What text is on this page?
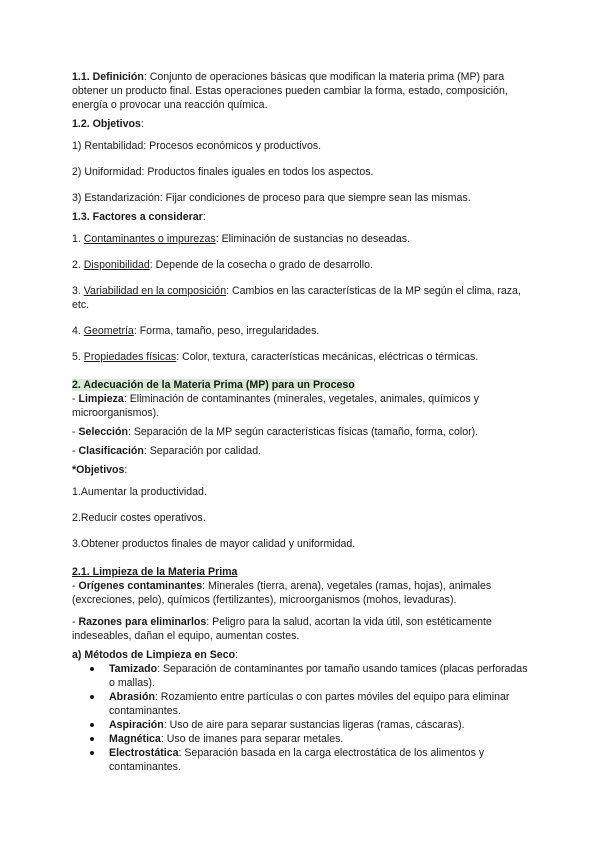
1.1. Definición: Conjunto de operaciones básicas que modifican la materia prima (MP) para obtener un producto final. Estas operaciones pueden cambiar la forma, estado, composición, energía o provocar una reacción química.

1.2. Objetivos:

1) Rentabilidad: Procesos económicos y productivos.

2) Uniformidad: Productos finales iguales en todos los aspectos.

3) Estandarización: Fijar condiciones de proceso para que siempre sean las mismas.

1.3. Factores a considerar:

1. Contaminantes o impurezas: Eliminación de sustancias no deseadas.

2. Disponibilidad: Depende de la cosecha o grado de desarrollo.

3. Variabilidad en la composición: Cambios en las características de la MP según el clima, raza, etc.

4. Geometría: Forma, tamaño, peso, irregularidades.

5. Propiedades físicas: Color, textura, características mecánicas, eléctricas o térmicas.

2. Adecuación de la Materia Prima (MP) para un Proceso

- Limpieza: Eliminación de contaminantes (minerales, vegetales, animales, químicos y microorganismos).

- Selección: Separación de la MP según características físicas (tamaño, forma, color).

- Clasificación: Separación por calidad.

*Objetivos:

1.Aumentar la productividad.

2.Reducir costes operativos.

3.Obtener productos finales de mayor calidad y uniformidad.

2.1. Limpieza de la Materia Prima

- Orígenes contaminantes: Minerales (tierra, arena), vegetales (ramas, hojas), animales (excreciones, pelo), químicos (fertilizantes), microorganismos (mohos, levaduras).

- Razones para eliminarlos: Peligro para la salud, acortan la vida útil, son estéticamente indeseables, dañan el equipo, aumentan costes.

a) Métodos de Limpieza en Seco:

Tamizado: Separación de contaminantes por tamaño usando tamices (placas perforadas o mallas).
Abrasión: Rozamiento entre partículas o con partes móviles del equipo para eliminar contaminantes.
Aspiración: Uso de aire para separar sustancias ligeras (ramas, cáscaras).
Magnética: Uso de imanes para separar metales.
Electrostática: Separación basada en la carga electrostática de los alimentos y contaminantes.
